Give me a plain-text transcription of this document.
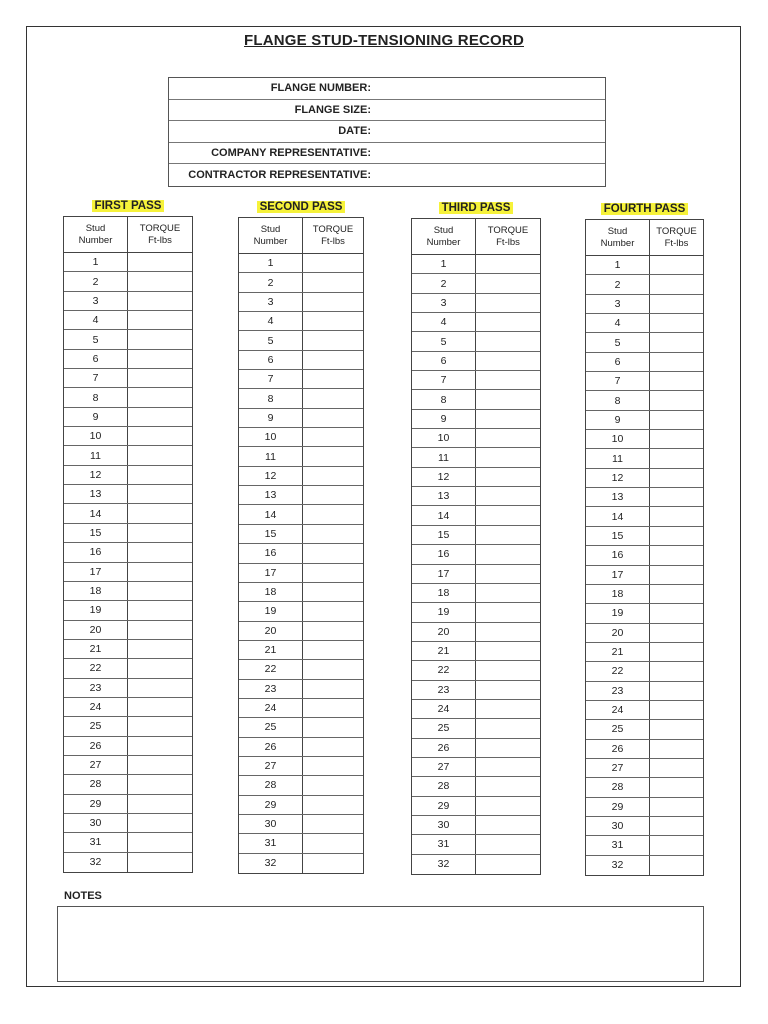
FLANGE STUD-TENSIONING RECORD
FLANGE NUMBER:
FLANGE SIZE:
DATE:
COMPANY REPRESENTATIVE:
CONTRACTOR REPRESENTATIVE:
FIRST PASS
Stud
Number
TORQUE
Ft-lbs
1
2
3
4
5
6
7
8
9
10
11
12
13
14
15
16
17
18
19
20
21
22
23
24
25
26
27
28
29
30
31
32
SECOND PASS
Stud
Number
TORQUE
Ft-lbs
1
2
3
4
5
6
7
8
9
10
11
12
13
14
15
16
17
18
19
20
21
22
23
24
25
26
27
28
29
30
31
32
THIRD PASS
Stud
Number
TORQUE
Ft-lbs
1
2
3
4
5
6
7
8
9
10
11
12
13
14
15
16
17
18
19
20
21
22
23
24
25
26
27
28
29
30
31
32
FOURTH PASS
Stud
Number
TORQUE
Ft-lbs
1
2
3
4
5
6
7
8
9
10
11
12
13
14
15
16
17
18
19
20
21
22
23
24
25
26
27
28
29
30
31
32
NOTES
